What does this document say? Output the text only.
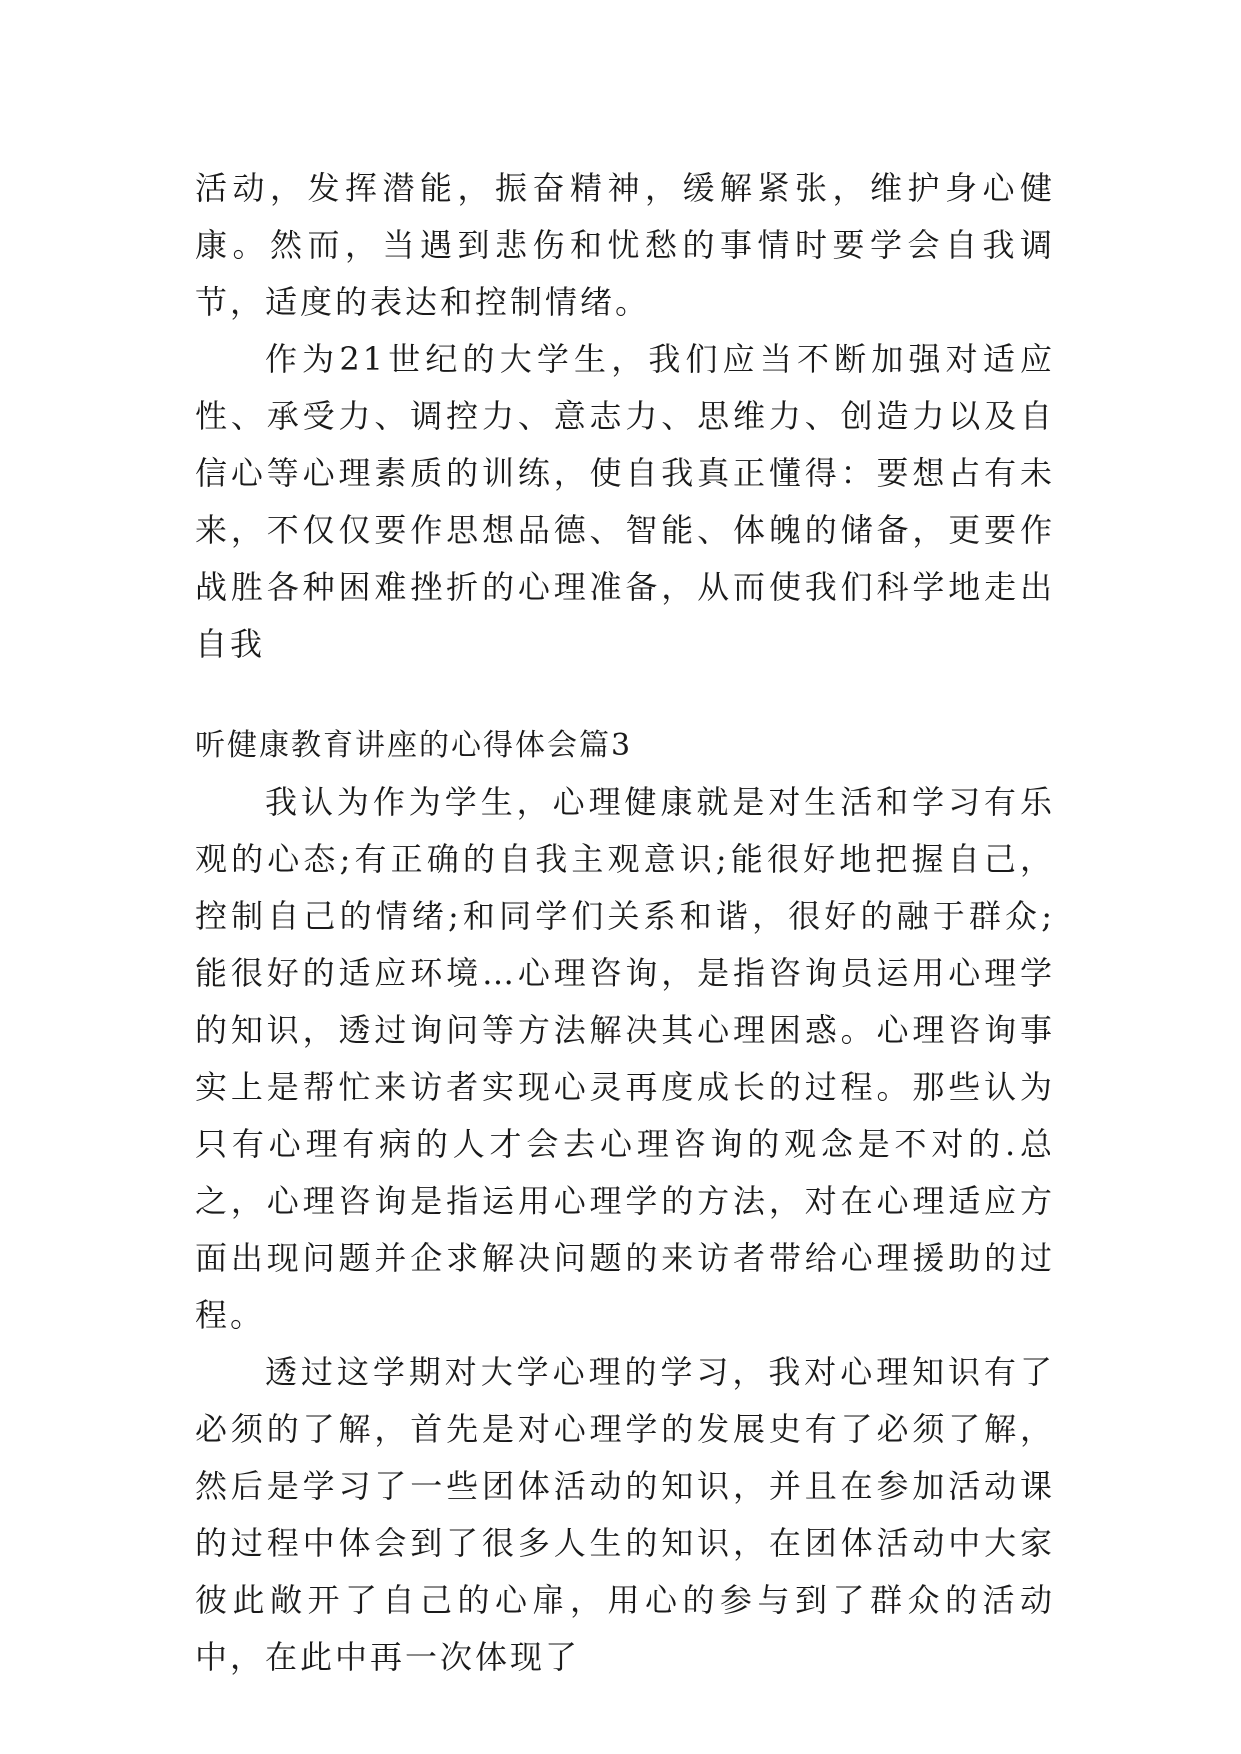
活动，发挥潜能，振奋精神，缓解紧张，维护身心健康。然而，当遇到悲伤和忧愁的事情时要学会自我调节，适度的表达和控制情绪。

作为21世纪的大学生，我们应当不断加强对适应性、承受力、调控力、意志力、思维力、创造力以及自信心等心理素质的训练，使自我真正懂得：要想占有未来，不仅仅要作思想品德、智能、体魄的储备，更要作战胜各种困难挫折的心理准备，从而使我们科学地走出自我

听健康教育讲座的心得体会篇3

我认为作为学生，心理健康就是对生活和学习有乐观的心态;有正确的自我主观意识;能很好地把握自己，控制自己的情绪;和同学们关系和谐，很好的融于群众;能很好的适应环境…心理咨询，是指咨询员运用心理学的知识，透过询问等方法解决其心理困惑。心理咨询事实上是帮忙来访者实现心灵再度成长的过程。那些认为只有心理有病的人才会去心理咨询的观念是不对的.总之，心理咨询是指运用心理学的方法，对在心理适应方面出现问题并企求解决问题的来访者带给心理援助的过程。

透过这学期对大学心理的学习，我对心理知识有了必须的了解，首先是对心理学的发展史有了必须了解，然后是学习了一些团体活动的知识，并且在参加活动课的过程中体会到了很多人生的知识，在团体活动中大家彼此敞开了自己的心扉，用心的参与到了群众的活动中，在此中再一次体现了
